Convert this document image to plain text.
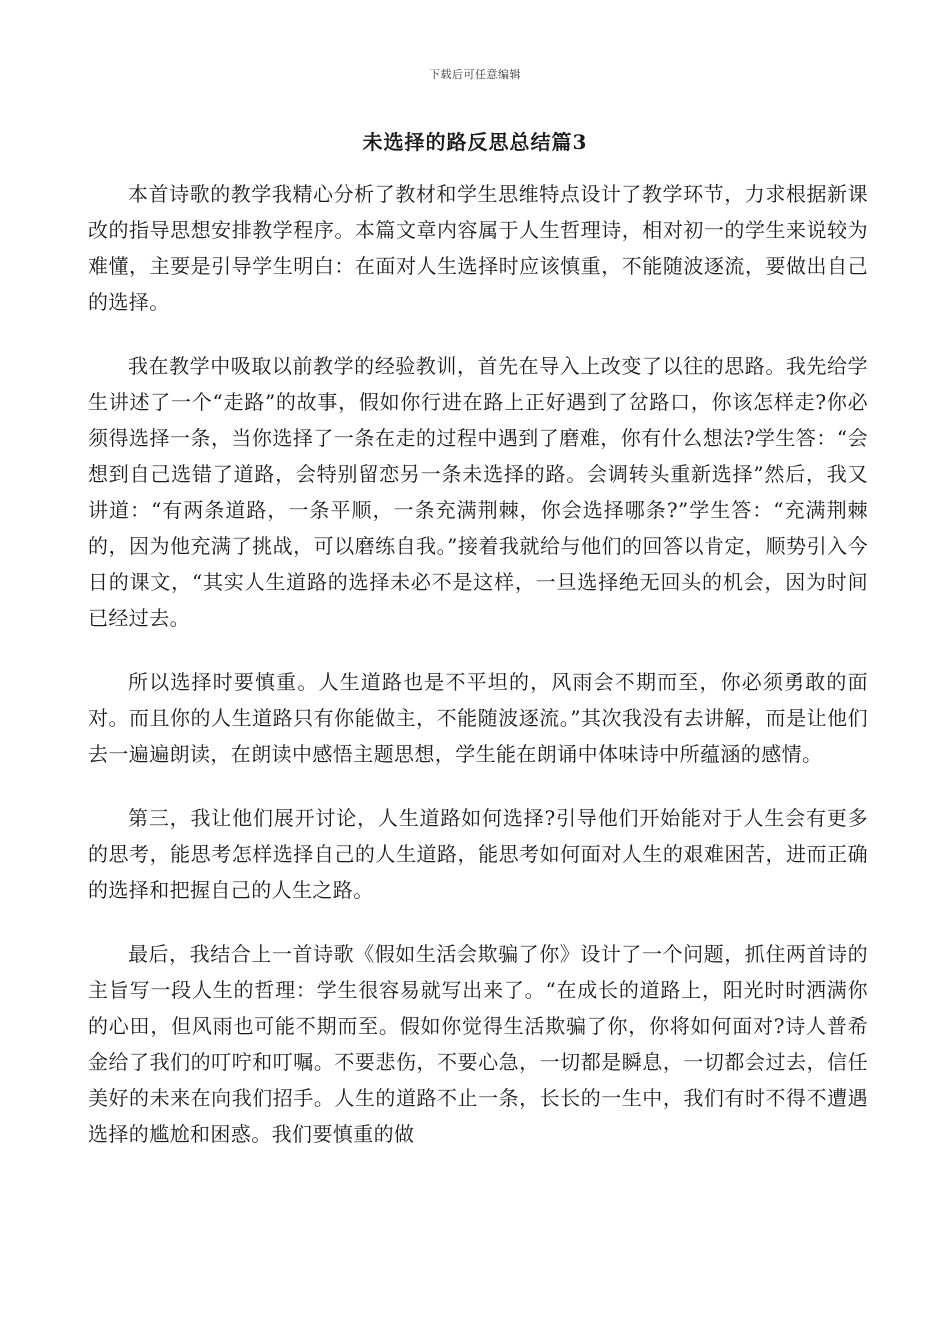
下载后可任意编辑
未选择的路反思总结篇3

本首诗歌的教学我精心分析了教材和学生思维特点设计了教学环节，力求根据新课改的指导思想安排教学程序。本篇文章内容属于人生哲理诗，相对初一的学生来说较为难懂，主要是引导学生明白：在面对人生选择时应该慎重，不能随波逐流，要做出自己的选择。

我在教学中吸取以前教学的经验教训，首先在导入上改变了以往的思路。我先给学生讲述了一个“走路”的故事，假如你行进在路上正好遇到了岔路口，你该怎样走?你必须得选择一条，当你选择了一条在走的过程中遇到了磨难，你有什么想法?学生答：“会想到自己选错了道路，会特别留恋另一条未选择的路。会调转头重新选择”然后，我又讲道：“有两条道路，一条平顺，一条充满荆棘，你会选择哪条?”学生答：“充满荆棘的，因为他充满了挑战，可以磨练自我。”接着我就给与他们的回答以肯定，顺势引入今日的课文，“其实人生道路的选择未必不是这样，一旦选择绝无回头的机会，因为时间已经过去。

所以选择时要慎重。人生道路也是不平坦的，风雨会不期而至，你必须勇敢的面对。而且你的人生道路只有你能做主，不能随波逐流。”其次我没有去讲解，而是让他们去一遍遍朗读，在朗读中感悟主题思想，学生能在朗诵中体味诗中所蕴涵的感情。

第三，我让他们展开讨论，人生道路如何选择?引导他们开始能对于人生会有更多的思考，能思考怎样选择自己的人生道路，能思考如何面对人生的艰难困苦，进而正确的选择和把握自己的人生之路。

最后，我结合上一首诗歌《假如生活会欺骗了你》设计了一个问题，抓住两首诗的主旨写一段人生的哲理：学生很容易就写出来了。“在成长的道路上，阳光时时洒满你的心田，但风雨也可能不期而至。假如你觉得生活欺骗了你，你将如何面对?诗人普希金给了我们的叮咛和叮嘱。不要悲伤，不要心急，一切都是瞬息，一切都会过去，信任美好的未来在向我们招手。人生的道路不止一条，长长的一生中，我们有时不得不遭遇选择的尴尬和困惑。我们要慎重的做
